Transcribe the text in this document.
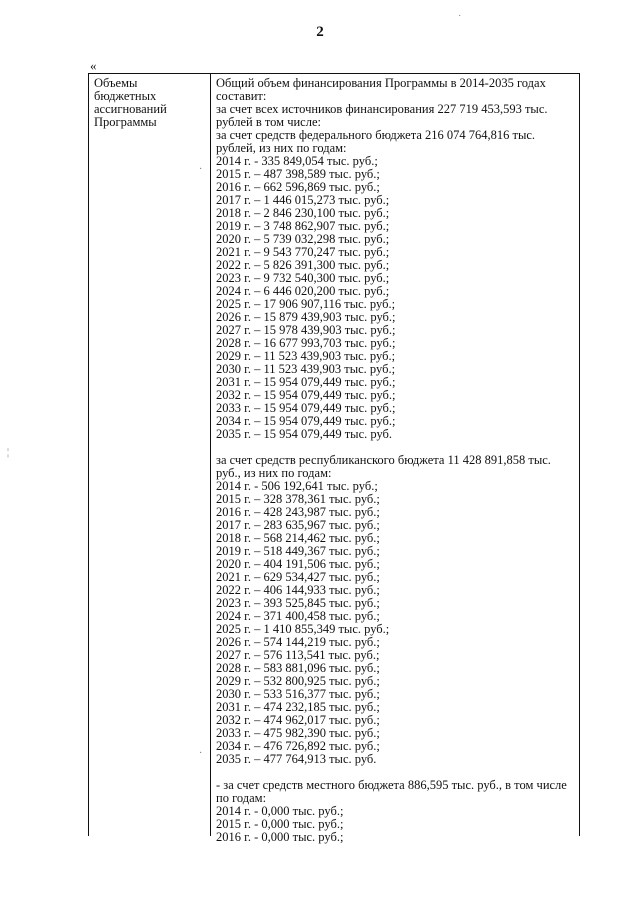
2
«
Объемы
бюджетных
ассигнований
Программы
Общий объем финансирования Программы в 2014-2035 годах
составит:
за счет всех источников финансирования 227 719 453,593 тыс.
рублей в том числе:
за счет средств федерального бюджета 216 074 764,816 тыс.
рублей, из них по годам:
2014 г. - 335 849,054 тыс. руб.;
2015 г. – 487 398,589 тыс. руб.;
2016 г. – 662 596,869 тыс. руб.;
2017 г. – 1 446 015,273 тыс. руб.;
2018 г. – 2 846 230,100 тыс. руб.;
2019 г. – 3 748 862,907 тыс. руб.;
2020 г. – 5 739 032,298 тыс. руб.;
2021 г. – 9 543 770,247 тыс. руб.;
2022 г. – 5 826 391,300 тыс. руб.;
2023 г. – 9 732 540,300 тыс. руб.;
2024 г. – 6 446 020,200 тыс. руб.;
2025 г. – 17 906 907,116 тыс. руб.;
2026 г. – 15 879 439,903 тыс. руб.;
2027 г. – 15 978 439,903 тыс. руб.;
2028 г. – 16 677 993,703 тыс. руб.;
2029 г. – 11 523 439,903 тыс. руб.;
2030 г. – 11 523 439,903 тыс. руб.;
2031 г. – 15 954 079,449 тыс. руб.;
2032 г. – 15 954 079,449 тыс. руб.;
2033 г. – 15 954 079,449 тыс. руб.;
2034 г. – 15 954 079,449 тыс. руб.;
2035 г. – 15 954 079,449 тыс. руб.
за счет средств республиканского бюджета 11 428 891,858 тыс.
руб., из них по годам:
2014 г. - 506 192,641 тыс. руб.;
2015 г. – 328 378,361 тыс. руб.;
2016 г. – 428 243,987 тыс. руб.;
2017 г. – 283 635,967 тыс. руб.;
2018 г. – 568 214,462 тыс. руб.;
2019 г. – 518 449,367 тыс. руб.;
2020 г. – 404 191,506 тыс. руб.;
2021 г. – 629 534,427 тыс. руб.;
2022 г. – 406 144,933 тыс. руб.;
2023 г. – 393 525,845 тыс. руб.;
2024 г. – 371 400,458 тыс. руб.;
2025 г. – 1 410 855,349 тыс. руб.;
2026 г. – 574 144,219 тыс. руб.;
2027 г. – 576 113,541 тыс. руб.;
2028 г. – 583 881,096 тыс. руб.;
2029 г. – 532 800,925 тыс. руб.;
2030 г. – 533 516,377 тыс. руб.;
2031 г. – 474 232,185 тыс. руб.;
2032 г. – 474 962,017 тыс. руб.;
2033 г. – 475 982,390 тыс. руб.;
2034 г. – 476 726,892 тыс. руб.;
2035 г. – 477 764,913 тыс. руб.
- за счет средств местного бюджета 886,595 тыс. руб., в том числе
по годам:
2014 г. - 0,000 тыс. руб.;
2015 г. - 0,000 тыс. руб.;
2016 г. - 0,000 тыс. руб.;
˙
·
¦
·
